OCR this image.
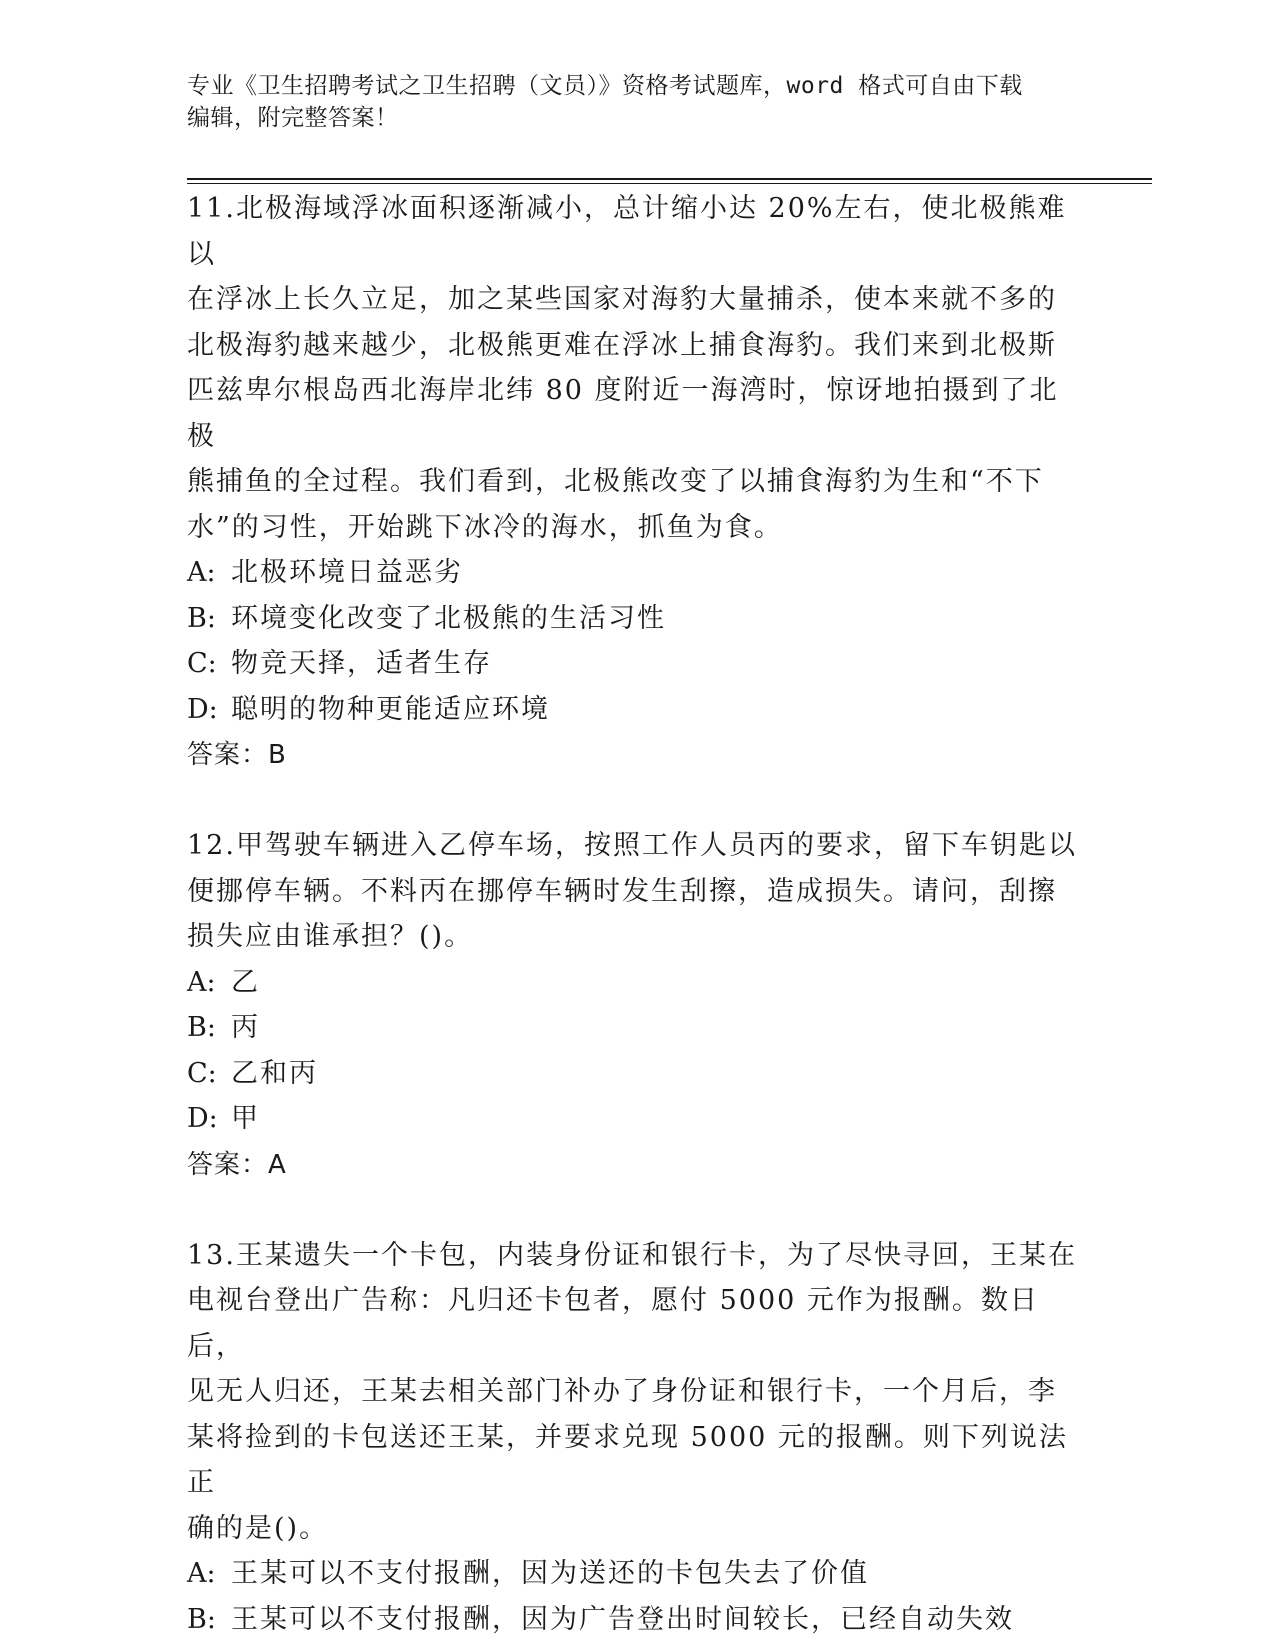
专业《卫生招聘考试之卫生招聘（文员）》资格考试题库，word 格式可自由下载
编辑，附完整答案！
11.北极海域浮冰面积逐渐减小，总计缩小达 20%左右，使北极熊难以
在浮冰上长久立足，加之某些国家对海豹大量捕杀，使本来就不多的
北极海豹越来越少，北极熊更难在浮冰上捕食海豹。我们来到北极斯
匹兹卑尔根岛西北海岸北纬 80 度附近一海湾时，惊讶地拍摄到了北极
熊捕鱼的全过程。我们看到，北极熊改变了以捕食海豹为生和“不下
水”的习性，开始跳下冰冷的海水，抓鱼为食。
A: 北极环境日益恶劣
B: 环境变化改变了北极熊的生活习性
C: 物竞天择，适者生存
D: 聪明的物种更能适应环境
答案：B
12.甲驾驶车辆进入乙停车场，按照工作人员丙的要求，留下车钥匙以
便挪停车辆。不料丙在挪停车辆时发生刮擦，造成损失。请问，刮擦
损失应由谁承担？()。
A: 乙
B: 丙
C: 乙和丙
D: 甲
答案：A
13.王某遗失一个卡包，内装身份证和银行卡，为了尽快寻回，王某在
电视台登出广告称：凡归还卡包者，愿付 5000 元作为报酬。数日后，
见无人归还，王某去相关部门补办了身份证和银行卡，一个月后，李
某将捡到的卡包送还王某，并要求兑现 5000 元的报酬。则下列说法正
确的是()。
A: 王某可以不支付报酬，因为送还的卡包失去了价值
B: 王某可以不支付报酬，因为广告登出时间较长，已经自动失效
